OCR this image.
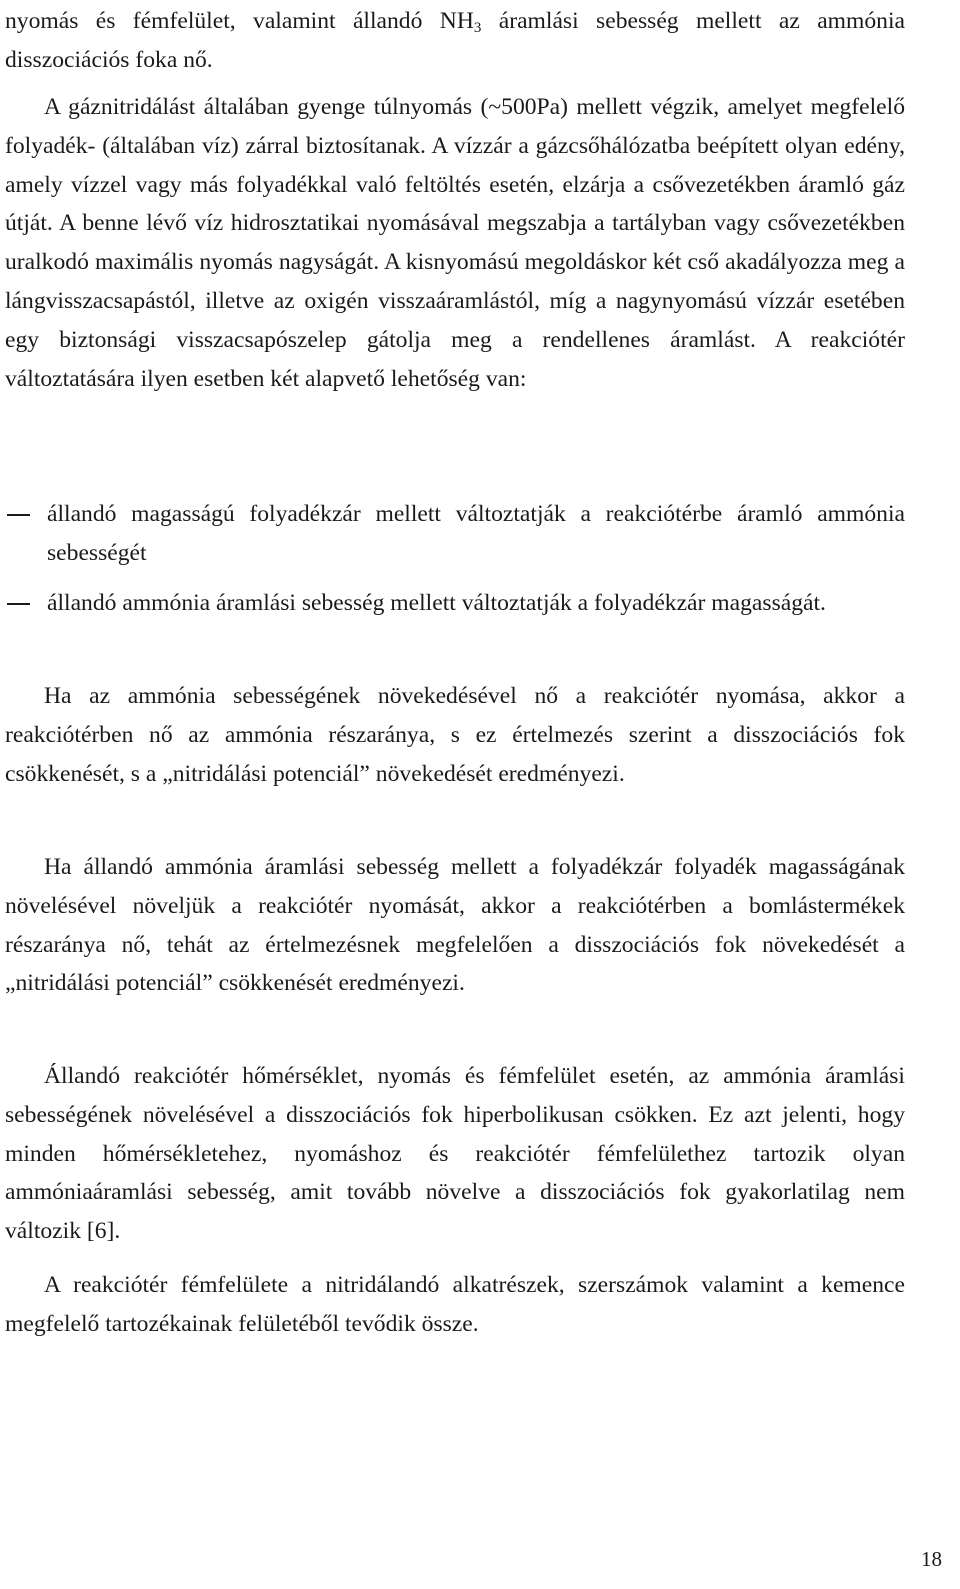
nyomás és fémfelület, valamint állandó $NH_3$ áramlási sebesség mellett az ammónia disszociációs foka nő.

A gáznitridálást általában gyenge túlnyomás (~500Pa) mellett végzik, amelyet megfelelő folyadék- (általában víz) zárral biztosítanak. A vízzár a gázcsőhálózatba beépített olyan edény, amely vízzel vagy más folyadékkal való feltöltés esetén, elzárja a csővezetékben áramló gáz útját. A benne lévő víz hidrosztatikai nyomásával megszabja a tartályban vagy csővezetékben uralkodó maximális nyomás nagyságát. A kisnyomású megoldáskor két cső akadályozza meg a lángvisszacsapástól, illetve az oxigén visszaáramlástól, míg a nagynyomású vízzár esetében egy biztonsági visszacsapószelep gátolja meg a rendellenes áramlást. A reakciótér változtatására ilyen esetben két alapvető lehetőség van:

állandó magasságú folyadékzár mellett változtatják a reakciótérbe áramló ammónia sebességét
állandó ammónia áramlási sebesség mellett változtatják a folyadékzár magasságát.

Ha az ammónia sebességének növekedésével nő a reakciótér nyomása, akkor a reakciótérben nő az ammónia részaránya, s ez értelmezés szerint a disszociációs fok csökkenését, s a „nitridálási potenciál” növekedését eredményezi.

Ha állandó ammónia áramlási sebesség mellett a folyadékzár folyadék magasságának növelésével növeljük a reakciótér nyomását, akkor a reakciótérben a bomlástermékek részaránya nő, tehát az értelmezésnek megfelelően a disszociációs fok növekedését a „nitridálási potenciál” csökkenését eredményezi.

Állandó reakciótér hőmérséklet, nyomás és fémfelület esetén, az ammónia áramlási sebességének növelésével a disszociációs fok hiperbolikusan csökken. Ez azt jelenti, hogy minden hőmérsékletehez, nyomáshoz és reakciótér fémfelülethez tartozik olyan ammóniaáramlási sebesség, amit tovább növelve a disszociációs fok gyakorlatilag nem változik [6].

A reakciótér fémfelülete a nitridálandó alkatrészek, szerszámok valamint a kemence megfelelő tartozékainak felületéből tevődik össze.

18
